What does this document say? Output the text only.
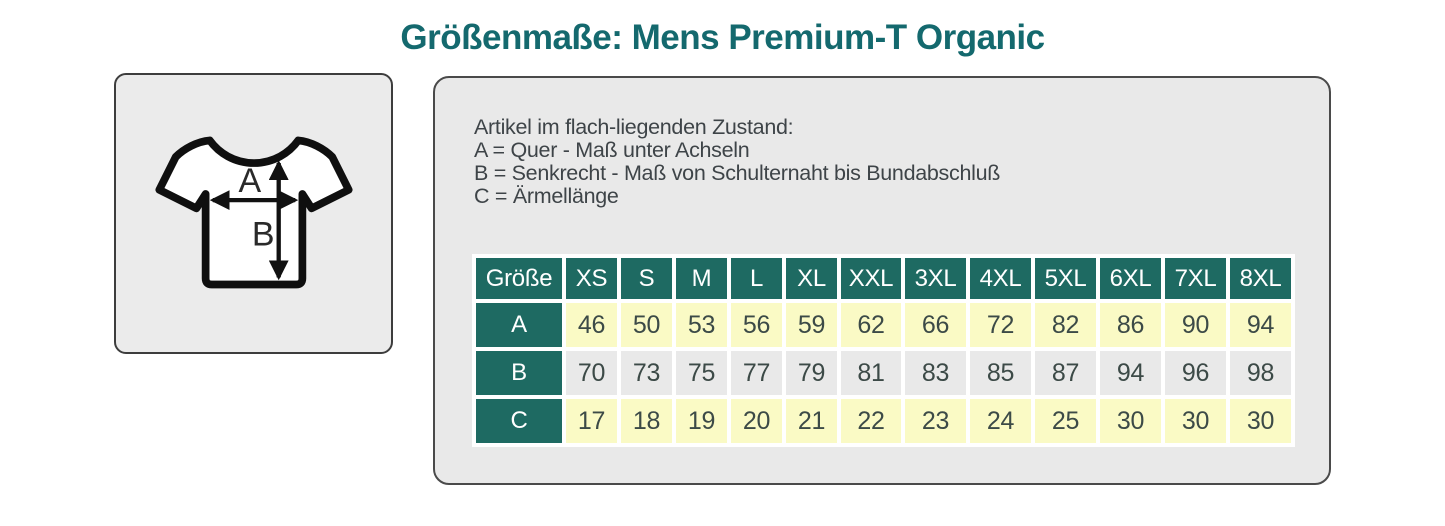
Größenmaße: Mens Premium-T Organic
A
B
Artikel im flach-liegenden Zustand:
A = Quer - Maß unter Achseln
B = Senkrecht - Maß von Schulternaht bis Bundabschluß
C = Ärmellänge
Größe	XS	S	M	L	XL	XXL	3XL	4XL	5XL	6XL	7XL	8XL
A	46	50	53	56	59	62	66	72	82	86	90	94
B	70	73	75	77	79	81	83	85	87	94	96	98
C	17	18	19	20	21	22	23	24	25	30	30	30
